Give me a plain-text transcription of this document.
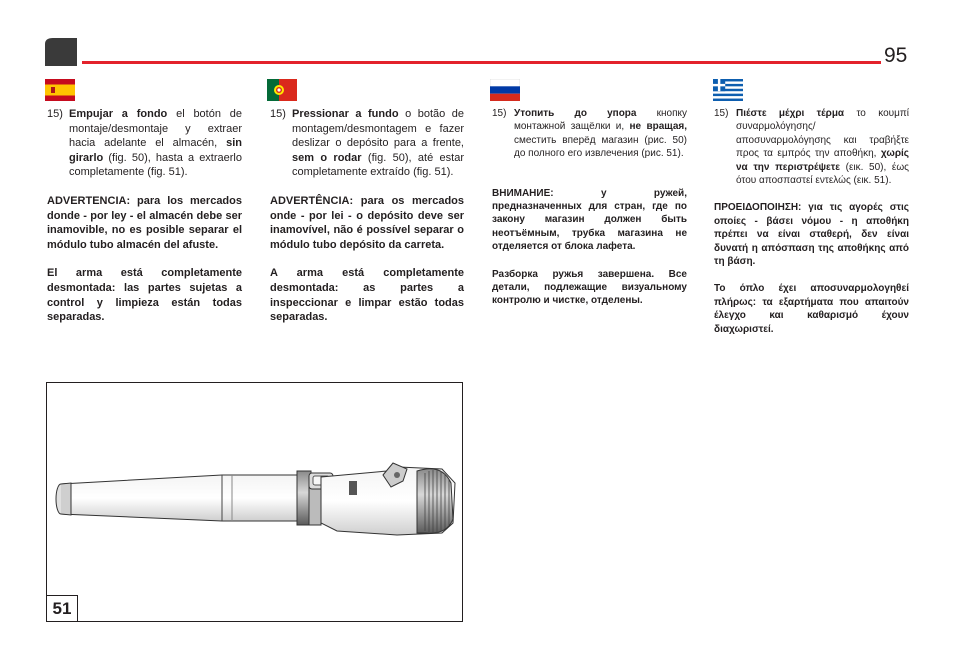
95
15) Empujar a fondo el botón de montaje/desmontaje y extraer hacia adelante el almacén, sin girarlo (fig. 50), hasta a extraerlo completamente (fig. 51).

ADVERTENCIA: para los mercados donde - por ley - el almacén debe ser inamovible, no es posible separar el módulo tubo almacén del afuste.

El arma está completamente desmontada: las partes sujetas a control y limpieza están todas separadas.

15) Pressionar a fundo o botão de montagem/desmontagem e fazer deslizar o depósito para a frente, sem o rodar (fig. 50), até estar completamente extraído (fig. 51).

ADVERTÊNCIA: para os mercados onde - por lei - o depósito deve ser inamovível, não é possível separar o módulo tubo depósito da carreta.

A arma está completamente desmontada: as partes a inspeccionar e limpar estão todas separadas.

15) Утопить до упора кнопку монтажной защёлки и, не вращая, сместить вперёд магазин (рис. 50) до полного его извлечения (рис. 51).

ВНИМАНИЕ: у ружей, предназначенных для стран, где по закону магазин должен быть неотъёмным, трубка магазина не отделяется от блока лафета.

Разборка ружья завершена. Все детали, подлежащие визуальному контролю и чистке, отделены.

15) Πιέστε μέχρι τέρμα το κουμπί συναρμολόγησης/αποσυναρμολόγησης και τραβήξτε προς τα εμπρός την αποθήκη, χωρίς να την περιστρέψετε (εικ. 50), έως ότου αποσπαστεί εντελώς (εικ. 51).

ΠΡΟΕΙΔΟΠΟΙΗΣΗ: για τις αγορές στις οποίες - βάσει νόμου - η αποθήκη πρέπει να είναι σταθερή, δεν είναι δυνατή η απόσπαση της αποθήκης από τη βάση.

Το όπλο έχει αποσυναρμολογηθεί πλήρως: τα εξαρτήματα που απαιτούν έλεγχο και καθαρισμό έχουν διαχωριστεί.

51
